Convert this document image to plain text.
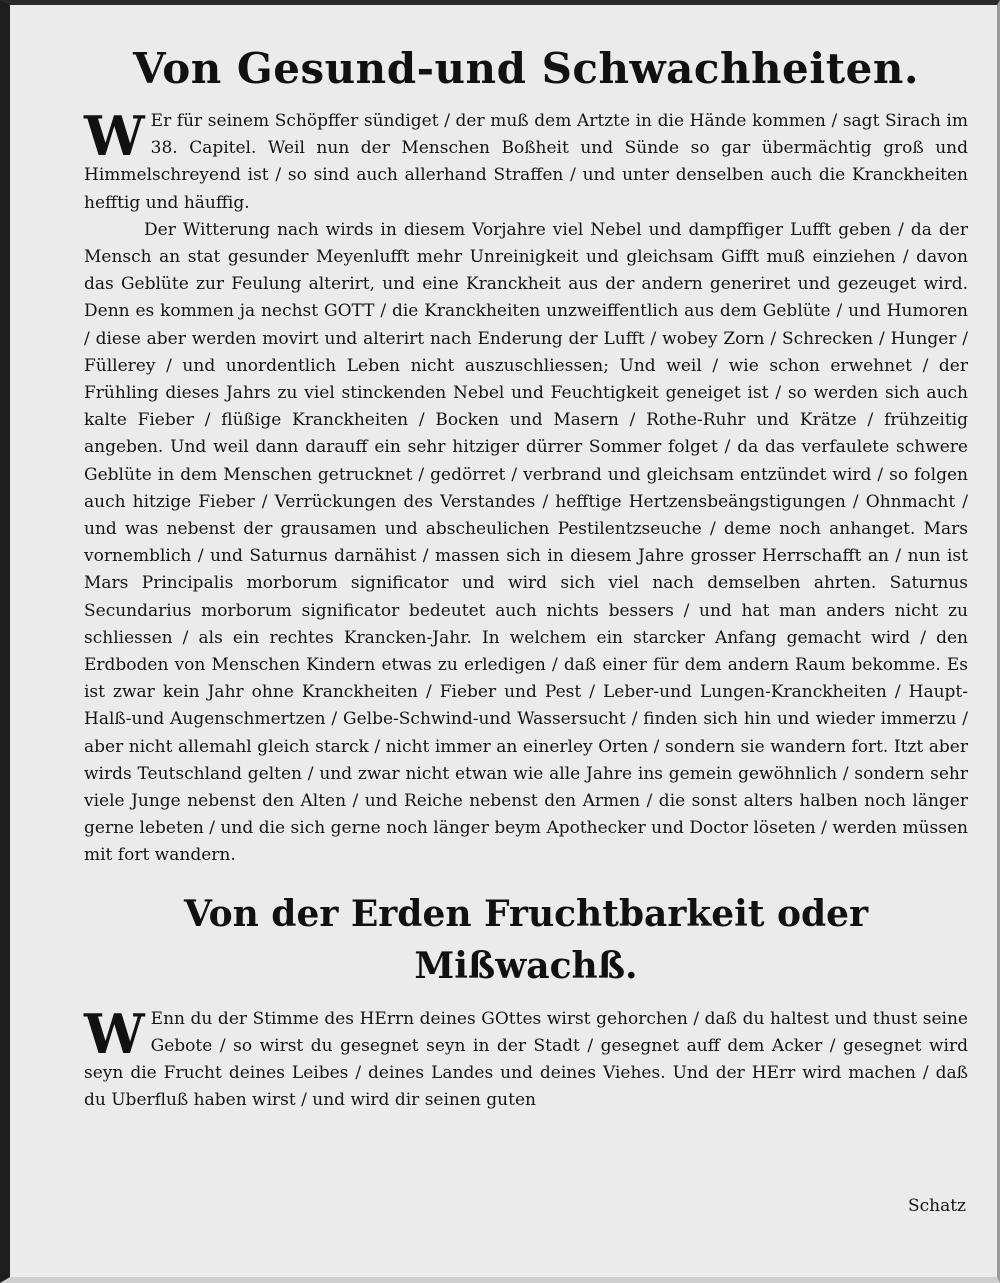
Von Gesund-und Schwachheiten.

W Er für seinem Schöpffer sündiget / der muß dem Artzte in die Hände kommen / sagt Sirach im 38. Capitel. Weil nun der Menschen Boßheit und Sünde so gar übermächtig groß und Himmelschreyend ist / so sind auch allerhand Straffen / und unter denselben auch die Kranckheiten hefftig und häuffig.

Der Witterung nach wirds in diesem Vorjahre viel Nebel und dampffiger Lufft geben / da der Mensch an stat gesunder Meyenlufft mehr Unreinigkeit und gleichsam Gifft muß einziehen / davon das Geblüte zur Feulung alterirt, und eine Kranckheit aus der andern generiret und gezeuget wird. Denn es kommen ja nechst GOTT / die Kranckheiten unzweiffentlich aus dem Geblüte / und Humoren / diese aber werden movirt und alterirt nach Enderung der Lufft / wobey Zorn / Schrecken / Hunger / Füllerey / und unordentlich Leben nicht auszuschliessen; Und weil / wie schon erwehnet / der Frühling dieses Jahrs zu viel stinckenden Nebel und Feuchtigkeit geneiget ist / so werden sich auch kalte Fieber / flüßige Kranckheiten / Bocken und Masern / Rothe-Ruhr und Krätze / frühzeitig angeben. Und weil dann darauff ein sehr hitziger dürrer Sommer folget / da das verfaulete schwere Geblüte in dem Menschen getrucknet / gedörret / verbrand und gleichsam entzündet wird / so folgen auch hitzige Fieber / Verrückungen des Verstandes / hefftige Hertzensbeängstigungen / Ohnmacht / und was nebenst der grausamen und abscheulichen Pestilentzseuche / deme noch anhanget. Mars vornemblich / und Saturnus darnähist / massen sich in diesem Jahre grosser Herrschafft an / nun ist Mars Principalis morborum significator und wird sich viel nach demselben ahrten. Saturnus Secundarius morborum significator bedeutet auch nichts bessers / und hat man anders nicht zu schliessen / als ein rechtes Krancken-Jahr. In welchem ein starcker Anfang gemacht wird / den Erdboden von Menschen Kindern etwas zu erledigen / daß einer für dem andern Raum bekomme. Es ist zwar kein Jahr ohne Kranckheiten / Fieber und Pest / Leber-und Lungen-Kranckheiten / Haupt-Halß-und Augenschmertzen / Gelbe-Schwind-und Wassersucht / finden sich hin und wieder immerzu / aber nicht allemahl gleich starck / nicht immer an einerley Orten / sondern sie wandern fort. Itzt aber wirds Teutschland gelten / und zwar nicht etwan wie alle Jahre ins gemein gewöhnlich / sondern sehr viele Junge nebenst den Alten / und Reiche nebenst den Armen / die sonst alters halben noch länger gerne lebeten / und die sich gerne noch länger beym Apothecker und Doctor löseten / werden müssen mit fort wandern.

Von der Erden Fruchtbarkeit oder Mißwachß.

W Enn du der Stimme des HErrn deines GOttes wirst gehorchen / daß du haltest und thust seine Gebote / so wirst du gesegnet seyn in der Stadt / gesegnet auff dem Acker / gesegnet wird seyn die Frucht deines Leibes / deines Landes und deines Viehes. Und der HErr wird machen / daß du Uberfluß haben wirst / und wird dir seinen guten

Schatz
